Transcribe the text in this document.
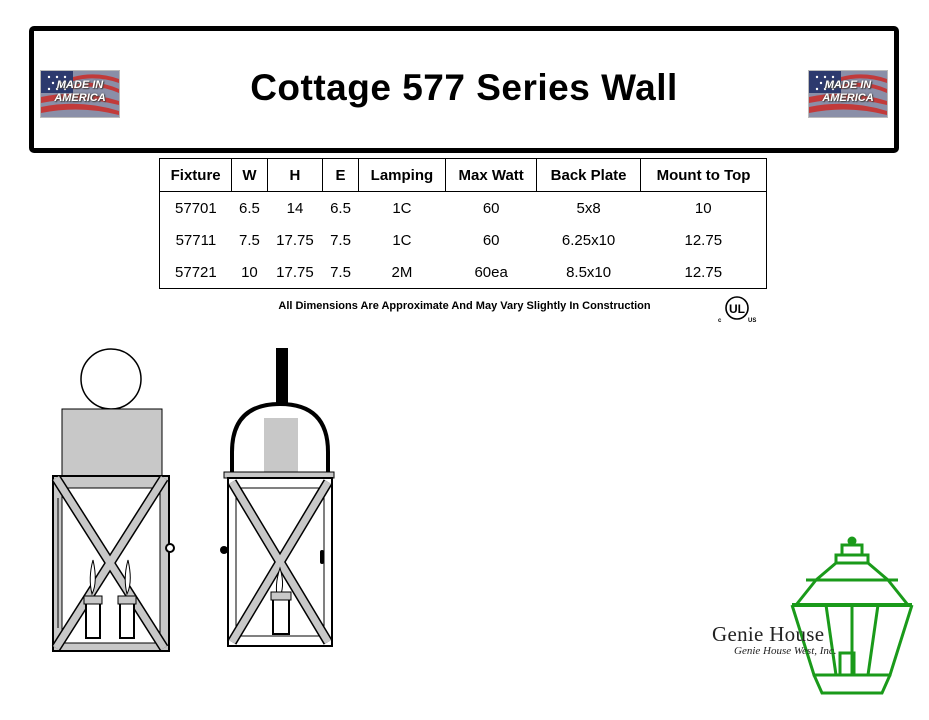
Cottage 577 Series Wall
MADE IN
AMERICA
MADE IN
AMERICA
Fixture	W	H	E	Lamping	Max Watt	Back Plate	Mount to Top
57701	6.5	14	6.5	1C	60	5x8	10
57711	7.5	17.75	7.5	1C	60	6.25x10	12.75
57721	10	17.75	7.5	2M	60ea	8.5x10	12.75
All Dimensions Are Approximate And May Vary Slightly In Construction	UL
c	US
Genie House
Genie House West, Inc.
